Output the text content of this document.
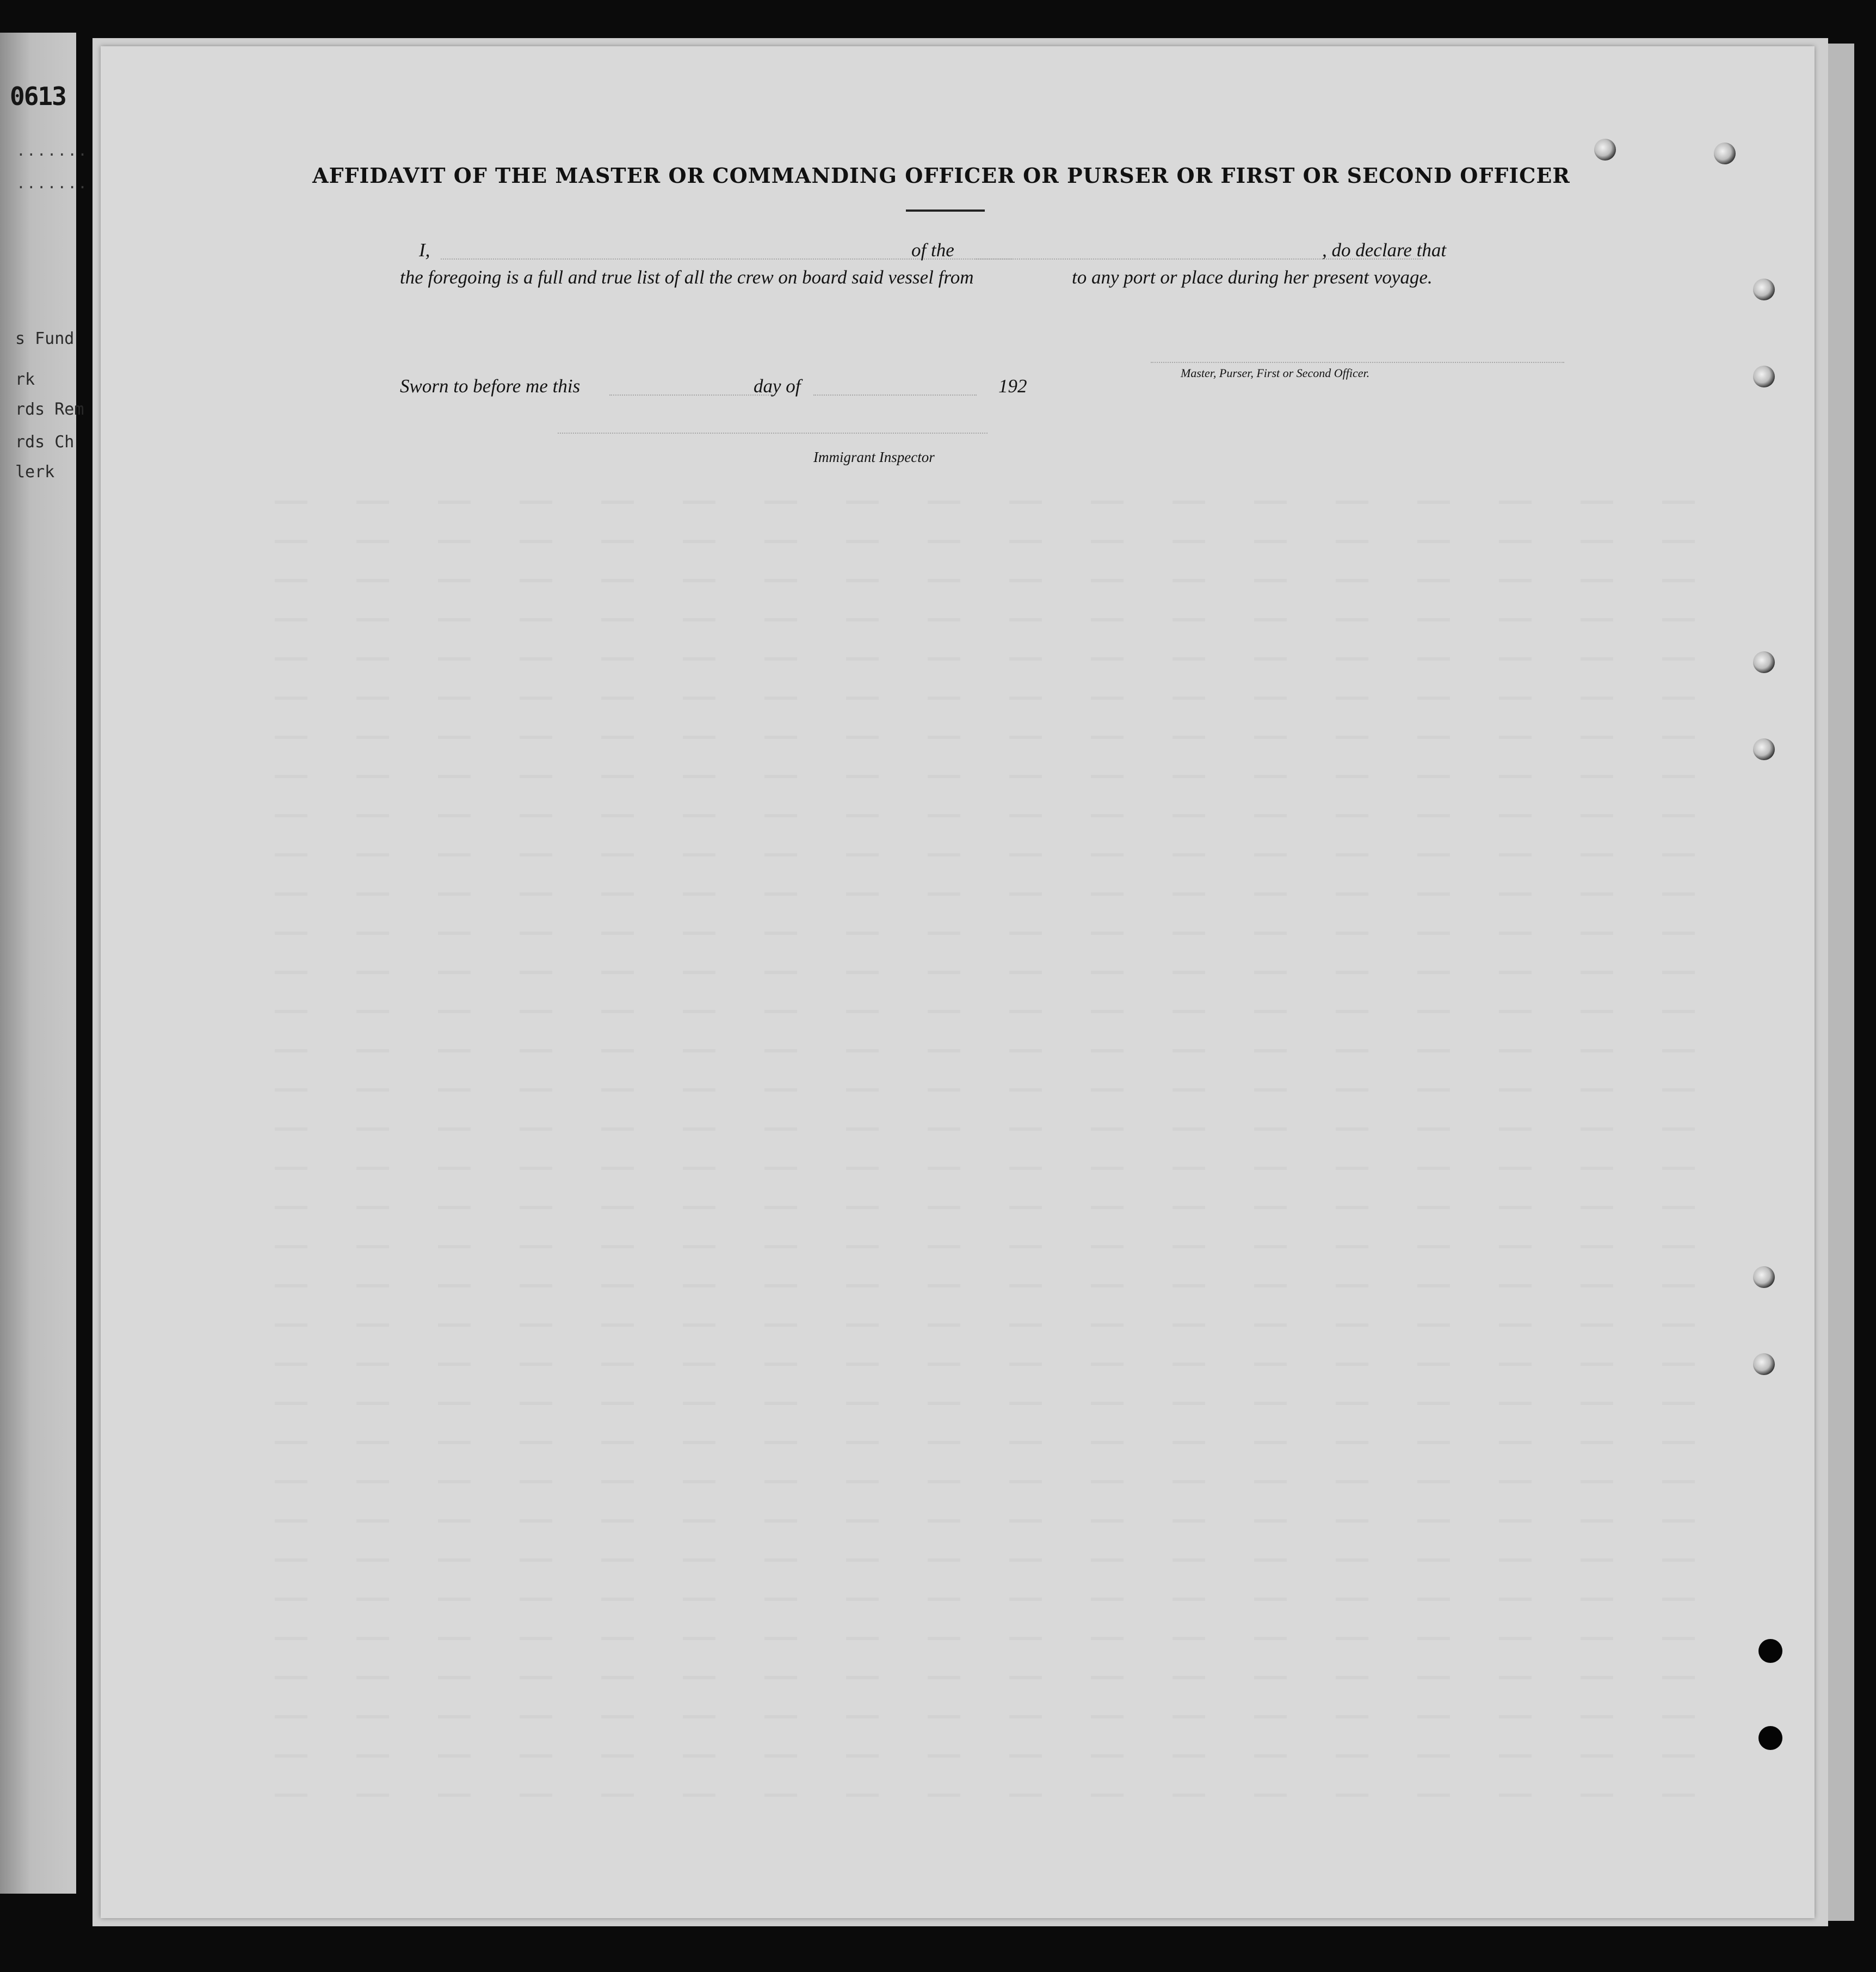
0613
.......
.......
s Fund
rk
rds Rem
rds Ch
lerk
AFFIDAVIT OF THE MASTER OR COMMANDING OFFICER OR PURSER OR FIRST OR SECOND OFFICER
I,	of the	, do declare that
the foregoing is a full and true list of all the crew on board said vessel from	to any port or place during her present voyage.
Master, Purser, First or Second Officer.
Sworn to before me this	day of	192
Immigrant Inspector
